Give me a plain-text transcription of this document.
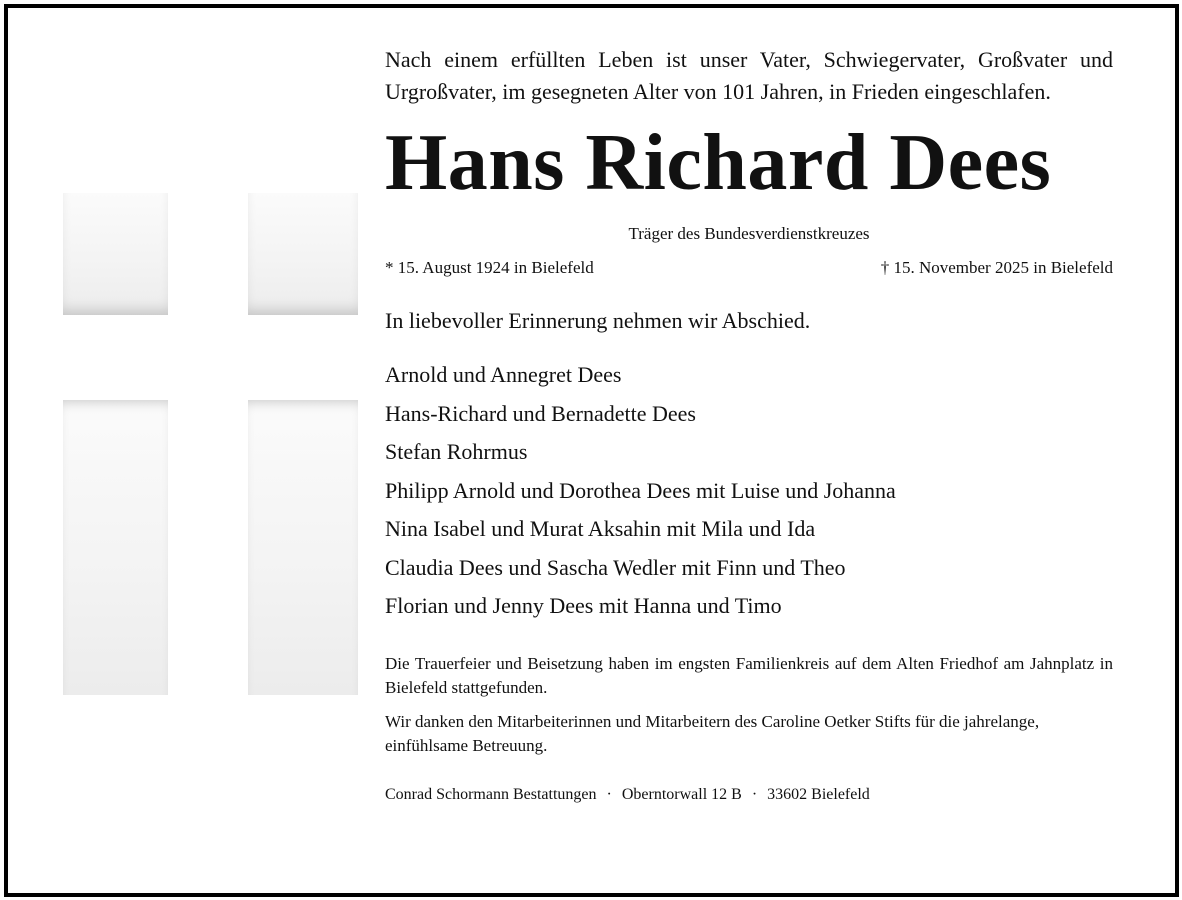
Nach einem erfüllten Leben ist unser Vater, Schwiegervater, Großvater und Urgroßvater, im gesegneten Alter von 101 Jahren, in Frieden eingeschlafen.

Hans Richard Dees

Träger des Bundesverdienstkreuzes

* 15. August 1924 in Bielefeld	† 15. November 2025 in Bielefeld

In liebevoller Erinnerung nehmen wir Abschied.

Arnold und Annegret Dees
Hans-Richard und Bernadette Dees
Stefan Rohrmus
Philipp Arnold und Dorothea Dees mit Luise und Johanna
Nina Isabel und Murat Aksahin mit Mila und Ida
Claudia Dees und Sascha Wedler mit Finn und Theo
Florian und Jenny Dees mit Hanna und Timo

Die Trauerfeier und Beisetzung haben im engsten Familienkreis auf dem Alten Friedhof am Jahnplatz in Bielefeld stattgefunden.

Wir danken den Mitarbeiterinnen und Mitarbeitern des Caroline Oetker Stifts für die jahrelange, einfühlsame Betreuung.

Conrad Schormann Bestattungen · Oberntorwall 12 B · 33602 Bielefeld
